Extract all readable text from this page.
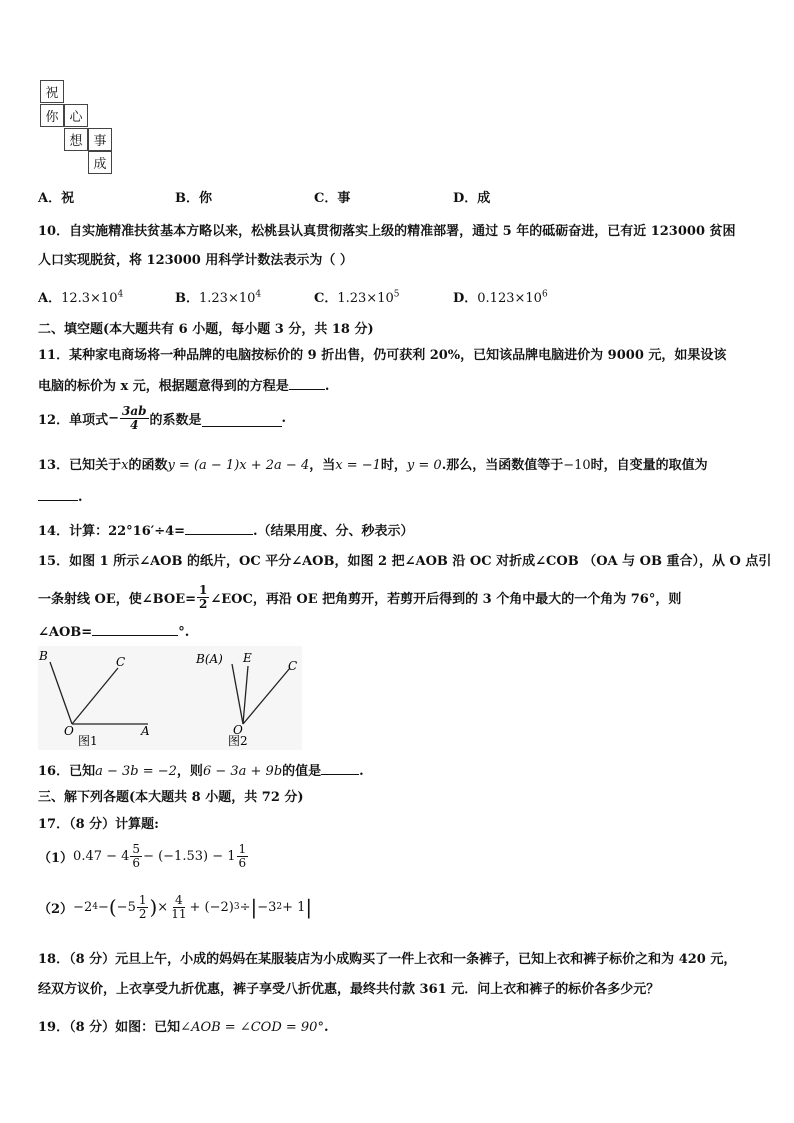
祝
你 心
想 事
成
A．祝	B．你	C．事	D．成
10．自实施精准扶贫基本方略以来，松桃县认真贯彻落实上级的精准部署，通过 5 年的砥砺奋进，已有近 123000 贫困
人口实现脱贫，将 123000 用科学计数法表示为（ ）
A．$12.3\times 10^4$	B．$1.23\times 10^4$	C．$1.23\times 10^5$	D．$0.123\times 10^6$
二、填空题(本大题共有 6 小题，每小题 3 分，共 18 分)
11．某种家电商场将一种品牌的电脑按标价的 9 折出售，仍可获利 20%，已知该品牌电脑进价为 9000 元，如果设该
电脑的标价为 x 元，根据题意得到的方程是	.
12．单项式 − $\frac{3ab}{4}$ 的系数是	.
13．已知关于x的函数y = (a − 1)x + 2a − 4，当x = −1时，y = 0.那么，当函数值等于−10时，自变量的取值为
.
14．计算：22°16′÷4=	.（结果用度、分、秒表示）
15．如图 1 所示∠AOB 的纸片，OC 平分∠AOB，如图 2 把∠AOB 沿 OC 对折成∠COB （OA 与 OB 重合），从 O 点引
一条射线 OE，使∠BOE= $\frac{1}{2}$ ∠EOC，再沿 OE 把角剪开，若剪开后得到的 3 个角中最大的一个角为 76°，则
∠AOB=	°.
B	C
O	A
图1
B(A) E
C
O
图2
16．已知a − 3b = −2，则6 − 3a + 9b的值是	.
三、解下列各题(本大题共 8 小题，共 72 分)
17．（8 分）计算题:
（1） $0.47 - 4 \frac{5}{6} - (-1.53) - 1 \frac{1}{6}$
（2） −2 4 − ( $-5 \frac{1}{2}$ ) × $\frac{4}{11} + (-2) 3$ ÷ | −3 2 + 1 |
18．（8 分）元旦上午，小成的妈妈在某服装店为小成购买了一件上衣和一条裤子，已知上衣和裤子标价之和为 420 元，
经双方议价，上衣享受九折优惠，裤子享受八折优惠，最终共付款 361 元．问上衣和裤子的标价各多少元？
19．（8 分）如图：已知∠AOB = ∠COD = 90°.
